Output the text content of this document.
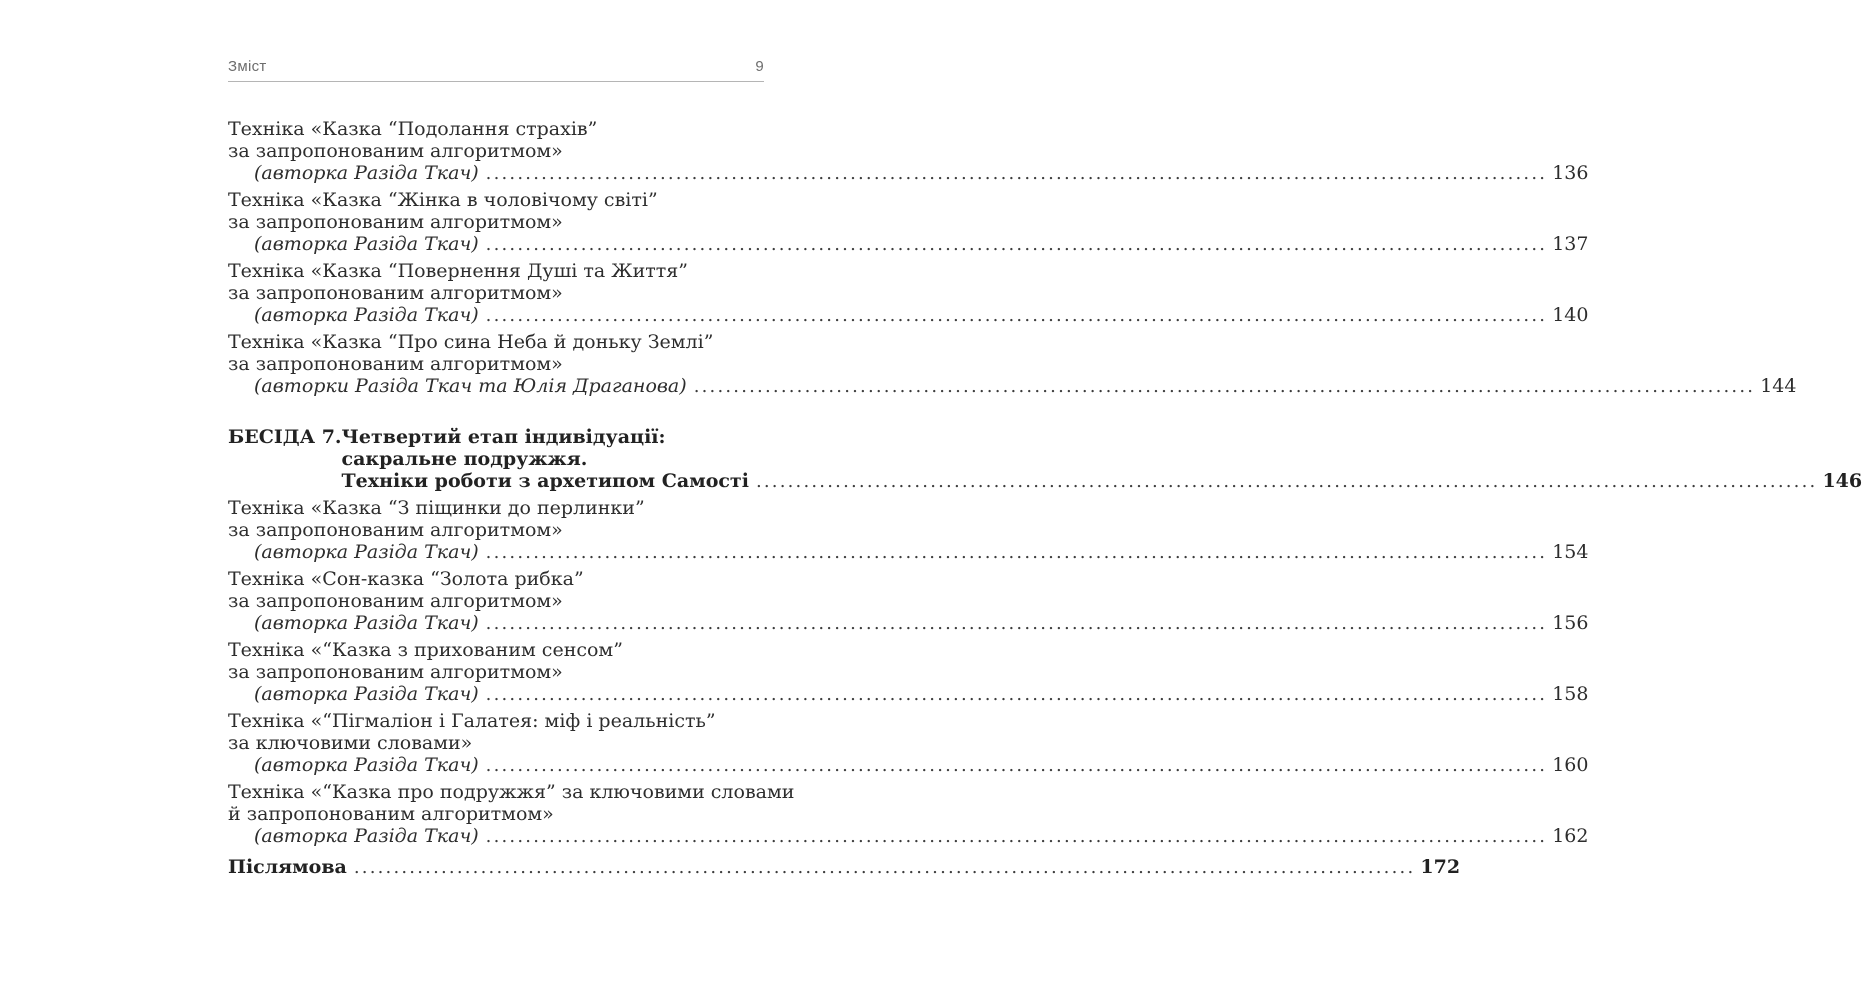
Зміст	9
Техніка «Казка “Подолання страхів”
за запропонованим алгоритмом»
(авторка Разіда Ткач) .....	136
Техніка «Казка “Жінка в чоловічому світі”
за запропонованим алгоритмом»
(авторка Разіда Ткач) .....	137
Техніка «Казка “Повернення Душі та Життя”
за запропонованим алгоритмом»
(авторка Разіда Ткач) .....	140
Техніка «Казка “Про сина Неба й доньку Землі”
за запропонованим алгоритмом»
(авторки Разіда Ткач та Юлія Драганова) .....	144
БЕСІДА 7. Четвертий етап індивідуації:
сакральне подружжя.
Техніки роботи з архетипом Самості .....	146
Техніка «Казка “З піщинки до перлинки”
за запропонованим алгоритмом»
(авторка Разіда Ткач) .....	154
Техніка «Сон-казка “Золота рибка”
за запропонованим алгоритмом»
(авторка Разіда Ткач) .....	156
Техніка «“Казка з прихованим сенсом”
за запропонованим алгоритмом»
(авторка Разіда Ткач) .....	158
Техніка «“Пігмаліон і Галатея: міф і реальність”
за ключовими словами»
(авторка Разіда Ткач) .....	160
Техніка «“Казка про подружжя” за ключовими словами
й запропонованим алгоритмом»
(авторка Разіда Ткач) .....	162
Післямова .....	172
